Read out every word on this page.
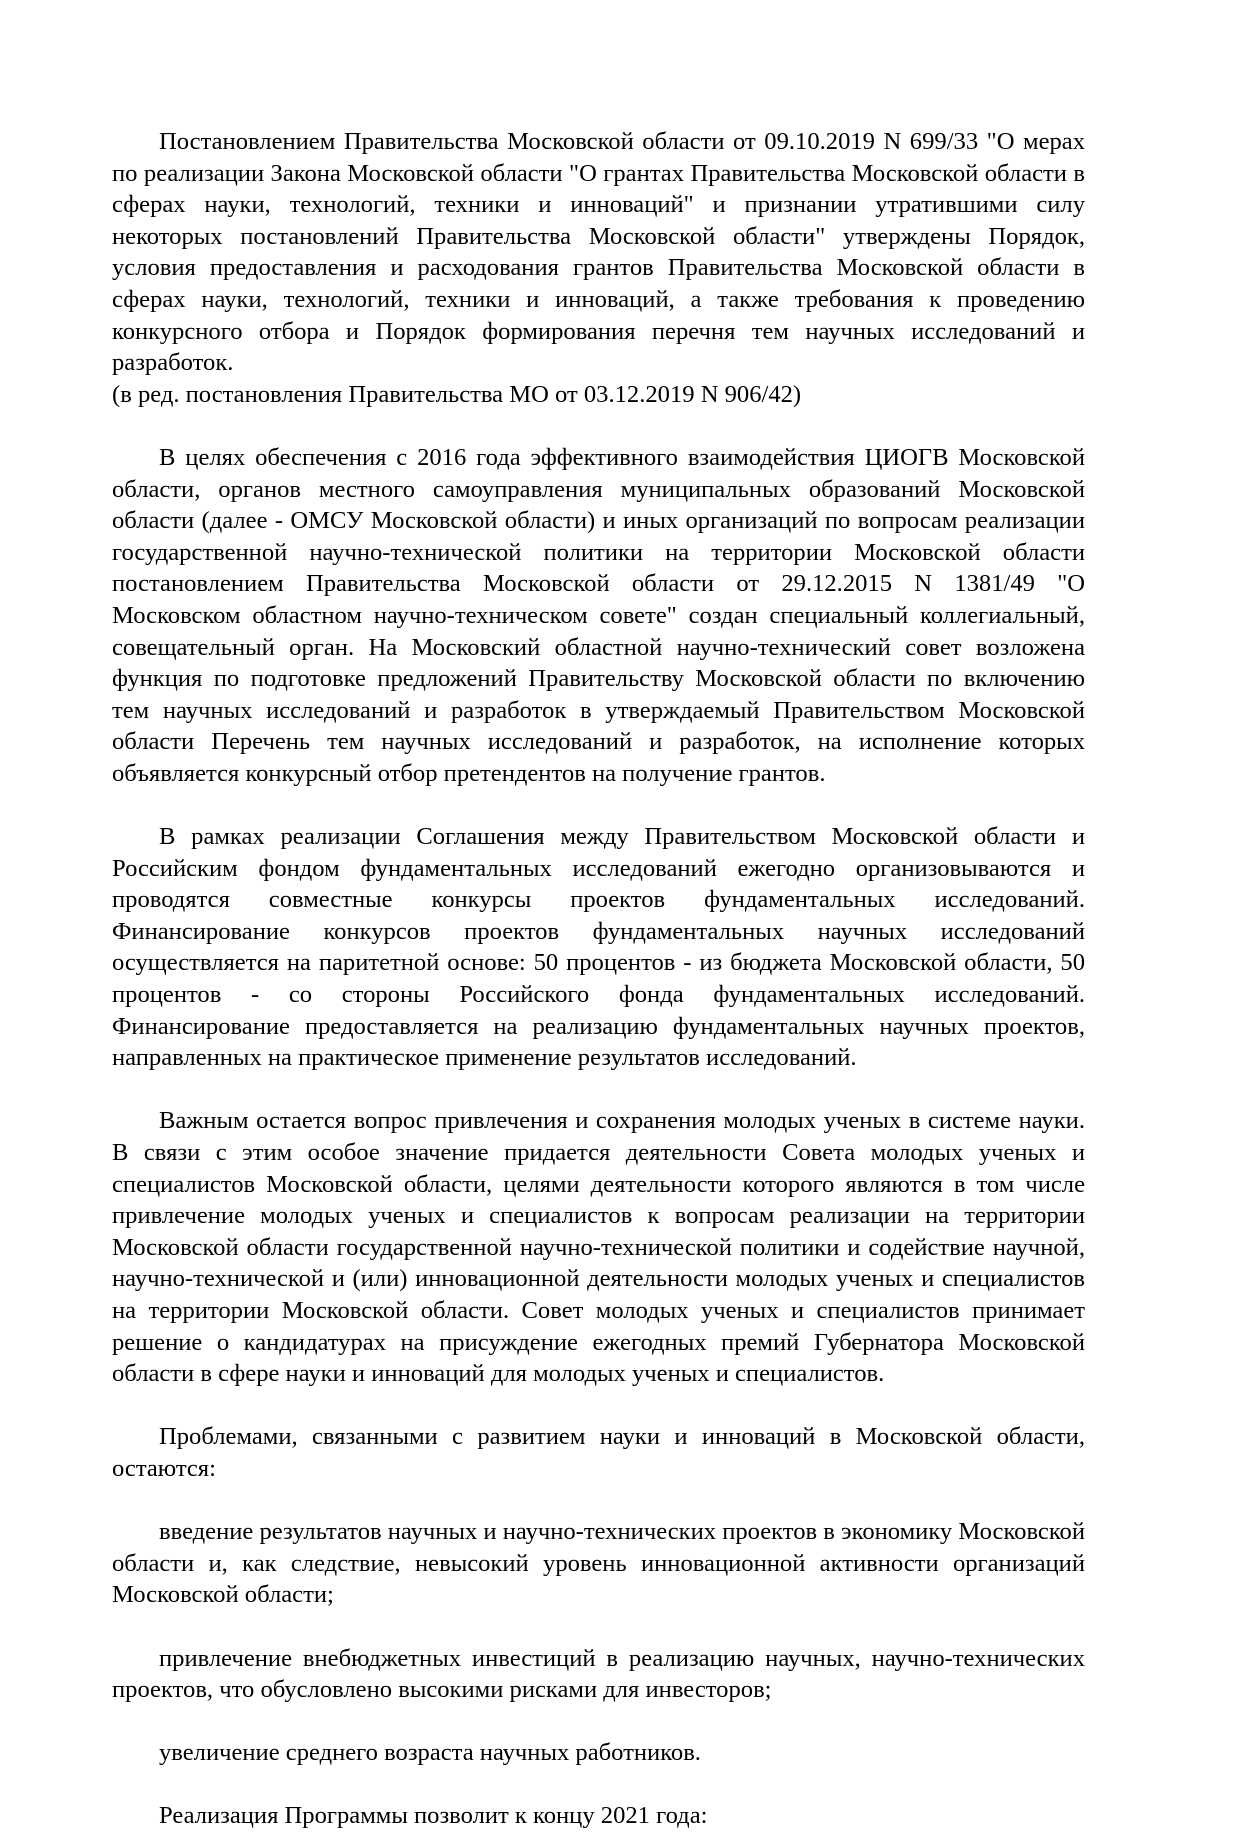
Постановлением Правительства Московской области от 09.10.2019 N 699/33 "О мерах по реализации Закона Московской области "О грантах Правительства Московской области в сферах науки, технологий, техники и инноваций" и признании утратившими силу некоторых постановлений Правительства Московской области" утверждены Порядок, условия предоставления и расходования грантов Правительства Московской области в сферах науки, технологий, техники и инноваций, а также требования к проведению конкурсного отбора и Порядок формирования перечня тем научных исследований и разработок.

(в ред. постановления Правительства МО от 03.12.2019 N 906/42)

В целях обеспечения с 2016 года эффективного взаимодействия ЦИОГВ Московской области, органов местного самоуправления муниципальных образований Московской области (далее - ОМСУ Московской области) и иных организаций по вопросам реализации государственной научно-технической политики на территории Московской области постановлением Правительства Московской области от 29.12.2015 N 1381/49 "О Московском областном научно-техническом совете" создан специальный коллегиальный, совещательный орган. На Московский областной научно-технический совет возложена функция по подготовке предложений Правительству Московской области по включению тем научных исследований и разработок в утверждаемый Правительством Московской области Перечень тем научных исследований и разработок, на исполнение которых объявляется конкурсный отбор претендентов на получение грантов.

В рамках реализации Соглашения между Правительством Московской области и Российским фондом фундаментальных исследований ежегодно организовываются и проводятся совместные конкурсы проектов фундаментальных исследований. Финансирование конкурсов проектов фундаментальных научных исследований осуществляется на паритетной основе: 50 процентов - из бюджета Московской области, 50 процентов - со стороны Российского фонда фундаментальных исследований. Финансирование предоставляется на реализацию фундаментальных научных проектов, направленных на практическое применение результатов исследований.

Важным остается вопрос привлечения и сохранения молодых ученых в системе науки. В связи с этим особое значение придается деятельности Совета молодых ученых и специалистов Московской области, целями деятельности которого являются в том числе привлечение молодых ученых и специалистов к вопросам реализации на территории Московской области государственной научно-технической политики и содействие научной, научно-технической и (или) инновационной деятельности молодых ученых и специалистов на территории Московской области. Совет молодых ученых и специалистов принимает решение о кандидатурах на присуждение ежегодных премий Губернатора Московской области в сфере науки и инноваций для молодых ученых и специалистов.

Проблемами, связанными с развитием науки и инноваций в Московской области, остаются:

введение результатов научных и научно-технических проектов в экономику Московской области и, как следствие, невысокий уровень инновационной активности организаций Московской области;

привлечение внебюджетных инвестиций в реализацию научных, научно-технических проектов, что обусловлено высокими рисками для инвесторов;

увеличение среднего возраста научных работников.

Реализация Программы позволит к концу 2021 года:
